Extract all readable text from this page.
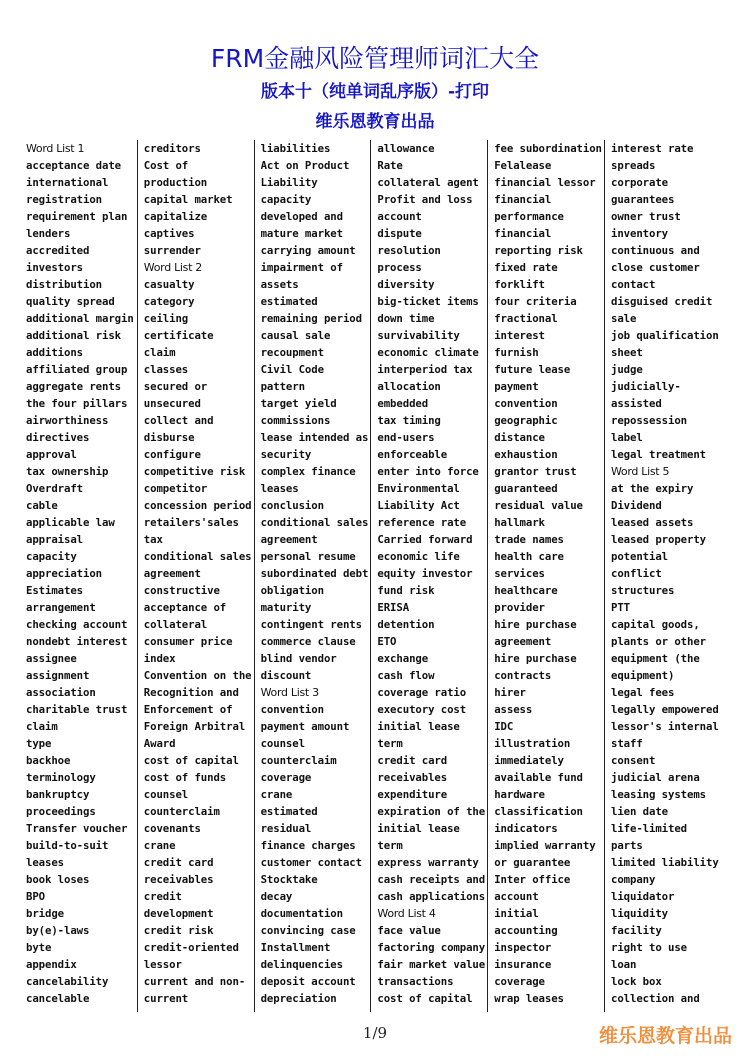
FRM金融风险管理师词汇大全
版本十（纯单词乱序版）-打印
维乐恩教育出品
Word List 1
acceptance date
international
registration
requirement plan
lenders
accredited
investors
distribution
quality spread
additional margin
additional risk
additions
affiliated group
aggregate rents
the four pillars
airworthiness
directives
approval
tax ownership
Overdraft
cable
applicable law
appraisal
capacity
appreciation
Estimates
arrangement
checking account
nondebt interest
assignee
assignment
association
charitable trust
claim
type
backhoe
terminology
bankruptcy
proceedings
Transfer voucher
build-to-suit
leases
book loses
BPO
bridge
by(e)-laws
byte
appendix
cancelability
cancelable
creditors
Cost of
production
capital market
capitalize
captives
surrender
Word List 2
casualty
category
ceiling
certificate
claim
classes
secured or
unsecured
collect and
disburse
configure
competitive risk
competitor
concession period
retailers'sales
tax
conditional sales
agreement
constructive
acceptance of
collateral
consumer price
index
Convention on the
Recognition and
Enforcement of
Foreign Arbitral
Award
cost of capital
cost of funds
counsel
counterclaim
covenants
crane
credit card
receivables
credit
development
credit risk
credit-oriented
lessor
current and non-
current
liabilities
Act on Product
Liability
capacity
developed and
mature market
carrying amount
impairment of
assets
estimated
remaining period
causal sale
recoupment
Civil Code
pattern
target yield
commissions
lease intended as
security
complex finance
leases
conclusion
conditional sales
agreement
personal resume
subordinated debt
obligation
maturity
contingent rents
commerce clause
blind vendor
discount
Word List 3
convention
payment amount
counsel
counterclaim
coverage
crane
estimated
residual
finance charges
customer contact
Stocktake
decay
documentation
convincing case
Installment
delinquencies
deposit account
depreciation
allowance
Rate
collateral agent
Profit and loss
account
dispute
resolution
process
diversity
big-ticket items
down time
survivability
economic climate
interperiod tax
allocation
embedded
tax timing
end-users
enforceable
enter into force
Environmental
Liability Act
reference rate
Carried forward
economic life
equity investor
fund risk
ERISA
detention
ETO
exchange
cash flow
coverage ratio
executory cost
initial lease
term
credit card
receivables
expenditure
expiration of the
initial lease
term
express warranty
cash receipts and
cash applications
Word List 4
face value
factoring company
fair market value
transactions
cost of capital
fee subordination
Felalease
financial lessor
financial
performance
financial
reporting risk
fixed rate
forklift
four criteria
fractional
interest
furnish
future lease
payment
convention
geographic
distance
exhaustion
grantor trust
guaranteed
residual value
hallmark
trade names
health care
services
healthcare
provider
hire purchase
agreement
hire purchase
contracts
hirer
assess
IDC
illustration
immediately
available fund
hardware
classification
indicators
implied warranty
or guarantee
Inter office
account
initial
accounting
inspector
insurance
coverage
wrap leases
interest rate
spreads
corporate
guarantees
owner trust
inventory
continuous and
close customer
contact
disguised credit
sale
job qualification
sheet
judge
judicially-
assisted
repossession
label
legal treatment
Word List 5
at the expiry
Dividend
leased assets
leased property
potential
conflict
structures
PTT
capital goods,
plants or other
equipment (the
equipment)
legal fees
legally empowered
lessor's internal
staff
consent
judicial arena
leasing systems
lien date
life-limited
parts
limited liability
company
liquidator
liquidity
facility
right to use
loan
lock box
collection and
1/9	维乐恩教育出品
